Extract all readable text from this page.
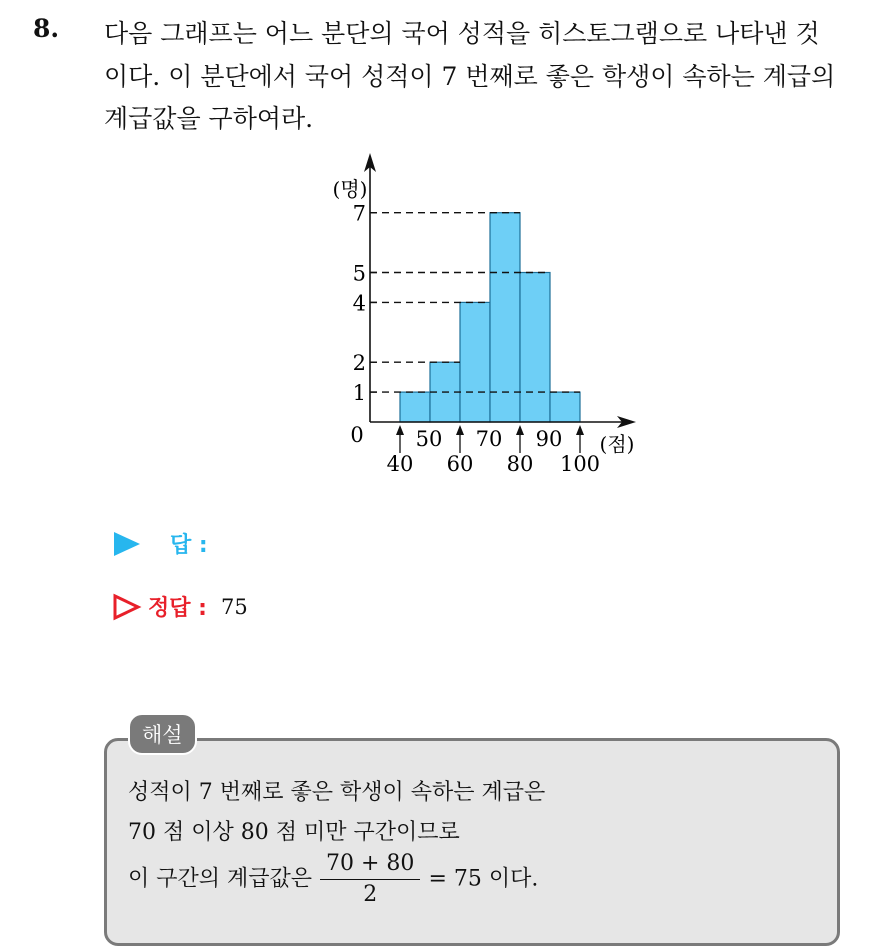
8. 다음 그래프는 어느 분단의 국어 성적을 히스토그램으로 나타낸 것
이다. 이 분단에서 국어 성적이 7 번째로 좋은 학생이 속하는 계급의
계급값을 구하여라.
7
5
4
2
1
(명)
(점)
0 50 70 90
40 60 80 100
답 :
정답 : 75
해설
성적이 7 번째로 좋은 학생이 속하는 계급은
70 점 이상 80 점 미만 구간이므로
이 구간의 계급값은 $\frac{70 + 80}{2} = 75$ 이다.
